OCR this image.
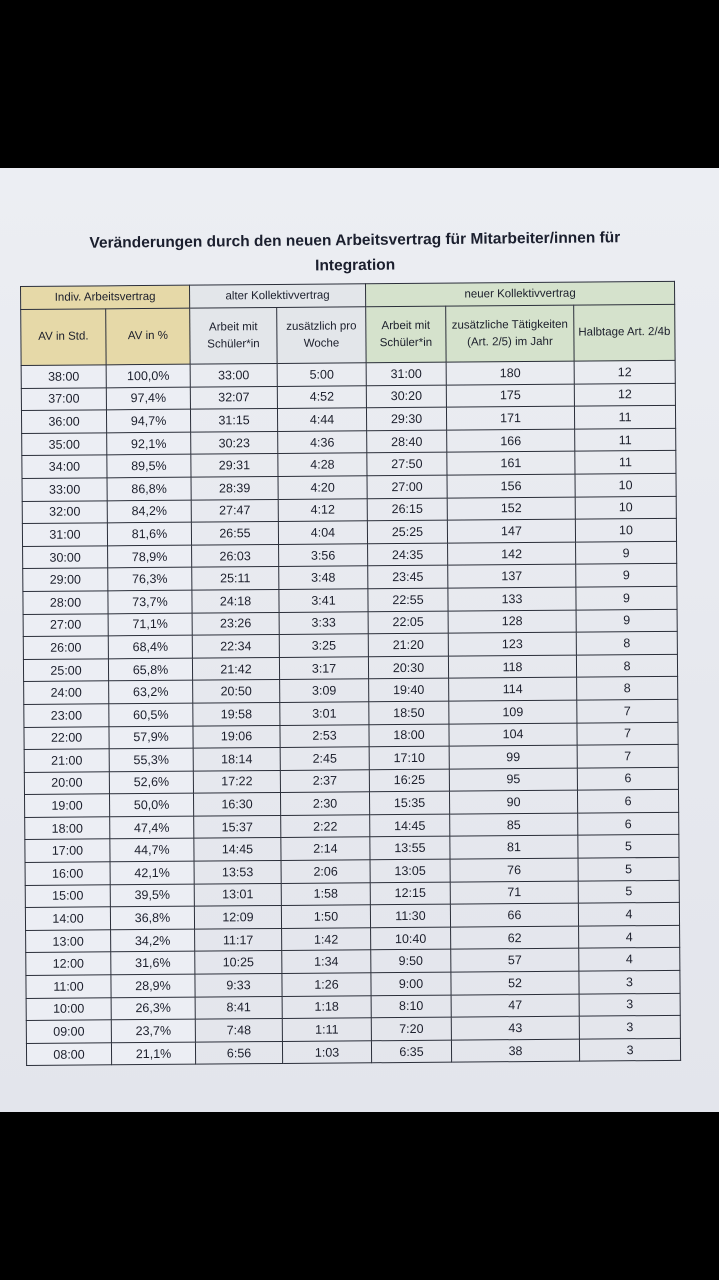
Veränderungen durch den neuen Arbeitsvertrag für Mitarbeiter/innen für
Integration
Indiv. Arbeitsvertrag		alter Kollektivvertrag		neuer Kollektivvertrag		
AV in Std.	AV in %	Arbeit mit Schüler*in	zusätzlich pro Woche	Arbeit mit Schüler*in	zusätzliche Tätigkeiten (Art. 2/5) im Jahr	Halbtage Art. 2/4b
38:00	100,0%	33:00	5:00	31:00	180	12
37:00	97,4%	32:07	4:52	30:20	175	12
36:00	94,7%	31:15	4:44	29:30	171	11
35:00	92,1%	30:23	4:36	28:40	166	11
34:00	89,5%	29:31	4:28	27:50	161	11
33:00	86,8%	28:39	4:20	27:00	156	10
32:00	84,2%	27:47	4:12	26:15	152	10
31:00	81,6%	26:55	4:04	25:25	147	10
30:00	78,9%	26:03	3:56	24:35	142	9
29:00	76,3%	25:11	3:48	23:45	137	9
28:00	73,7%	24:18	3:41	22:55	133	9
27:00	71,1%	23:26	3:33	22:05	128	9
26:00	68,4%	22:34	3:25	21:20	123	8
25:00	65,8%	21:42	3:17	20:30	118	8
24:00	63,2%	20:50	3:09	19:40	114	8
23:00	60,5%	19:58	3:01	18:50	109	7
22:00	57,9%	19:06	2:53	18:00	104	7
21:00	55,3%	18:14	2:45	17:10	99	7
20:00	52,6%	17:22	2:37	16:25	95	6
19:00	50,0%	16:30	2:30	15:35	90	6
18:00	47,4%	15:37	2:22	14:45	85	6
17:00	44,7%	14:45	2:14	13:55	81	5
16:00	42,1%	13:53	2:06	13:05	76	5
15:00	39,5%	13:01	1:58	12:15	71	5
14:00	36,8%	12:09	1:50	11:30	66	4
13:00	34,2%	11:17	1:42	10:40	62	4
12:00	31,6%	10:25	1:34	9:50	57	4
11:00	28,9%	9:33	1:26	9:00	52	3
10:00	26,3%	8:41	1:18	8:10	47	3
09:00	23,7%	7:48	1:11	7:20	43	3
08:00	21,1%	6:56	1:03	6:35	38	3
